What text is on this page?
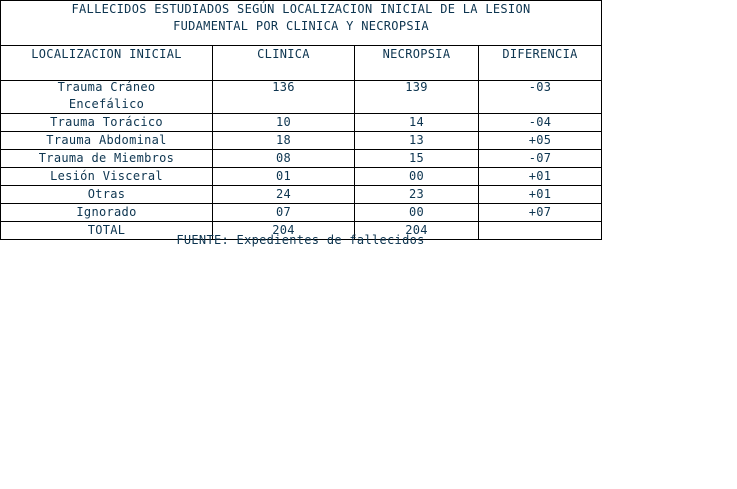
FALLECIDOS ESTUDIADOS SEGÚN LOCALIZACION INICIAL DE LA LESION
FUDAMENTAL POR CLINICA Y NECROPSIA

LOCALIZACION INICIAL	CLINICA	NECROPSIA	DIFERENCIA
Trauma Cráneo
Encefálico	136	139	-03
Trauma Torácico	10	14	-04
Trauma Abdominal	18	13	+05
Trauma de Miembros	08	15	-07
Lesión Visceral	01	00	+01
Otras	24	23	+01
Ignorado	07	00	+07
TOTAL	204	204	
FUENTE: Expedientes de fallecidos
